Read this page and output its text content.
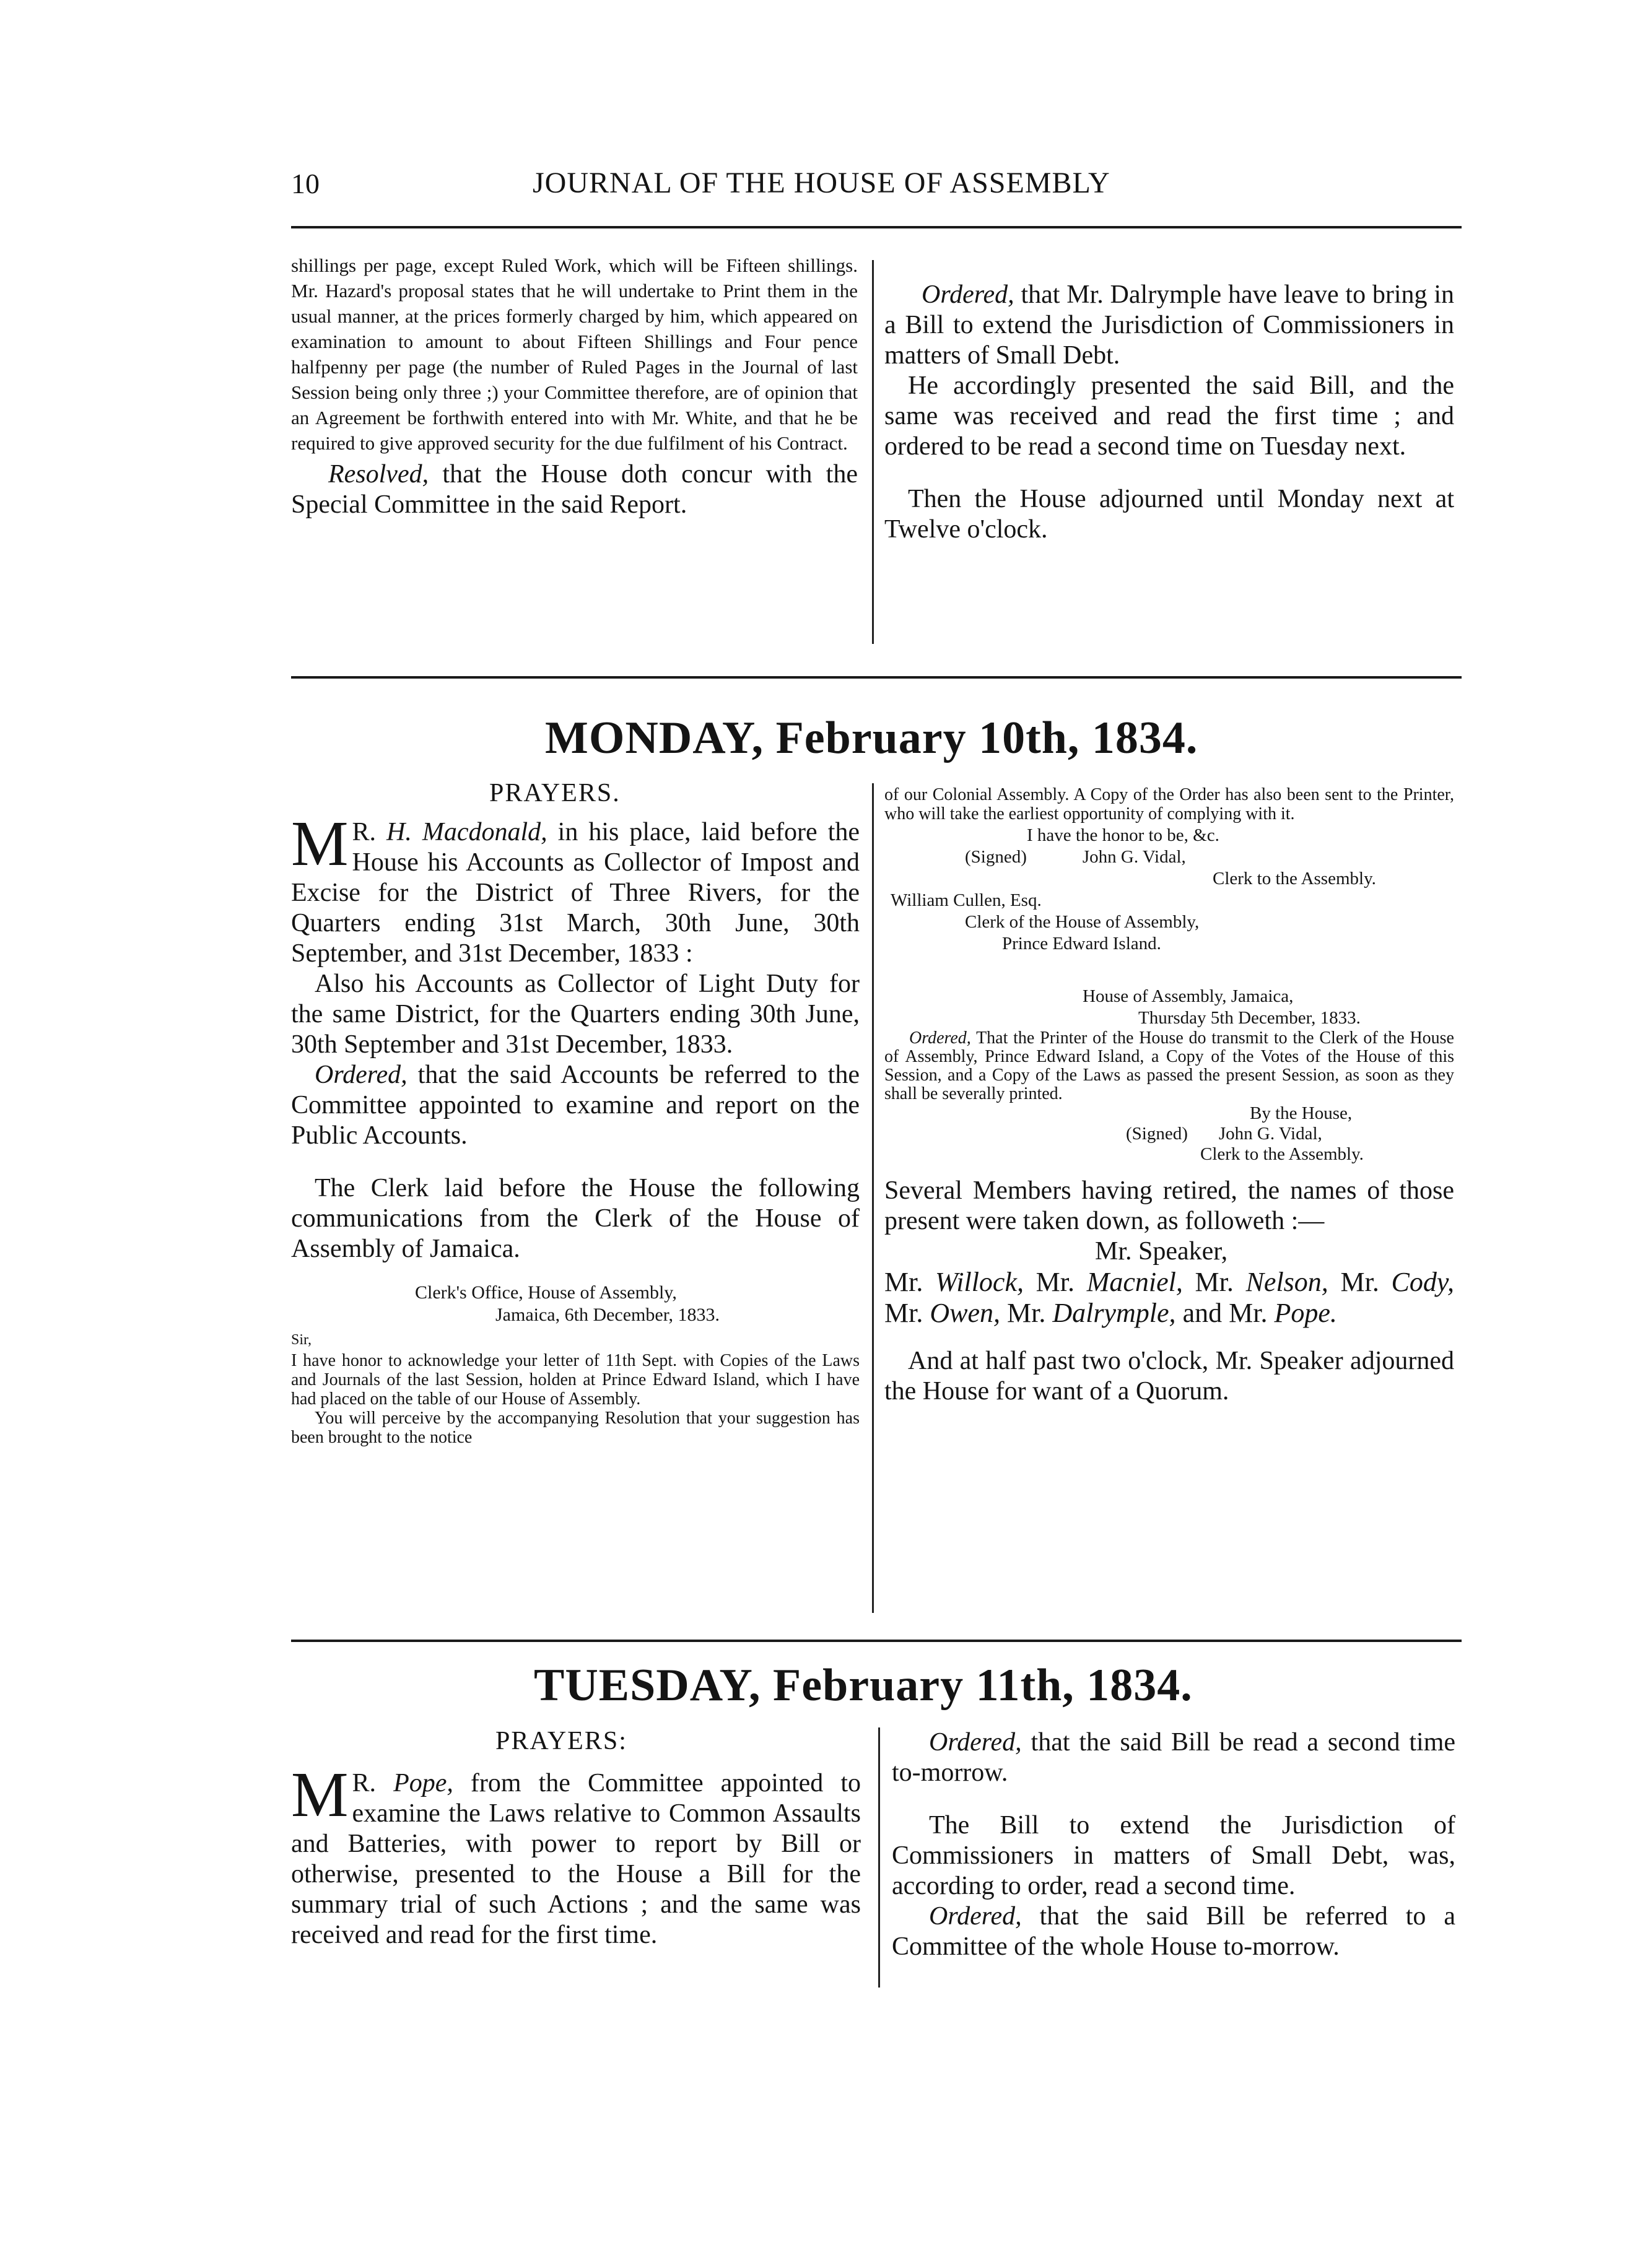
10	JOURNAL OF THE HOUSE OF ASSEMBLY

shillings per page, except Ruled Work, which will be Fifteen shillings. Mr. Hazard's proposal states that he will undertake to Print them in the usual manner, at the prices formerly charged by him, which appeared on examination to amount to about Fifteen Shillings and Four pence halfpenny per page (the number of Ruled Pages in the Journal of last Session being only three ;) your Committee therefore, are of opinion that an Agreement be forthwith entered into with Mr. White, and that he be required to give approved security for the due fulfilment of his Contract.

Resolved, that the House doth concur with the Special Committee in the said Report.

Ordered, that Mr. Dalrymple have leave to bring in a Bill to extend the Jurisdiction of Commissioners in matters of Small Debt.

He accordingly presented the said Bill, and the same was received and read the first time ; and ordered to be read a second time on Tuesday next.

Then the House adjourned until Monday next at Twelve o'clock.

MONDAY, February 10th, 1834.
PRAYERS.

M R. H. Macdonald, in his place, laid before the House his Accounts as Collector of Impost and Excise for the District of Three Rivers, for the Quarters ending 31st March, 30th June, 30th September, and 31st December, 1833 :

Also his Accounts as Collector of Light Duty for the same District, for the Quarters ending 30th June, 30th September and 31st December, 1833.

Ordered, that the said Accounts be referred to the Committee appointed to examine and report on the Public Accounts.

The Clerk laid before the House the following communications from the Clerk of the House of Assembly of Jamaica.

Clerk's Office, House of Assembly,
Jamaica, 6th December, 1833.
Sir,

I have honor to acknowledge your letter of 11th Sept. with Copies of the Laws and Journals of the last Session, holden at Prince Edward Island, which I have had placed on the table of our House of Assembly.

You will perceive by the accompanying Resolution that your suggestion has been brought to the notice

of our Colonial Assembly. A Copy of the Order has also been sent to the Printer, who will take the earliest opportunity of complying with it.

I have the honor to be, &c.
(Signed)	John G. Vidal,
Clerk to the Assembly.
William Cullen, Esq.
Clerk of the House of Assembly,
Prince Edward Island.
House of Assembly, Jamaica,
Thursday 5th December, 1833.

Ordered, That the Printer of the House do transmit to the Clerk of the House of Assembly, Prince Edward Island, a Copy of the Votes of the House of this Session, and a Copy of the Laws as passed the present Session, as soon as they shall be severally printed.

By the House,
(Signed) John G. Vidal,
Clerk to the Assembly.

Several Members having retired, the names of those present were taken down, as followeth :—

Mr. Speaker,

Mr. Willock, Mr. Macniel, Mr. Nelson, Mr. Cody, Mr. Owen, Mr. Dalrymple, and Mr. Pope.

And at half past two o'clock, Mr. Speaker adjourned the House for want of a Quorum.

TUESDAY, February 11th, 1834.
PRAYERS:

M R. Pope, from the Committee appointed to examine the Laws relative to Common Assaults and Batteries, with power to report by Bill or otherwise, presented to the House a Bill for the summary trial of such Actions ; and the same was received and read for the first time.

Ordered, that the said Bill be read a second time to-morrow.

The Bill to extend the Jurisdiction of Commissioners in matters of Small Debt, was, according to order, read a second time.

Ordered, that the said Bill be referred to a Committee of the whole House to-morrow.
